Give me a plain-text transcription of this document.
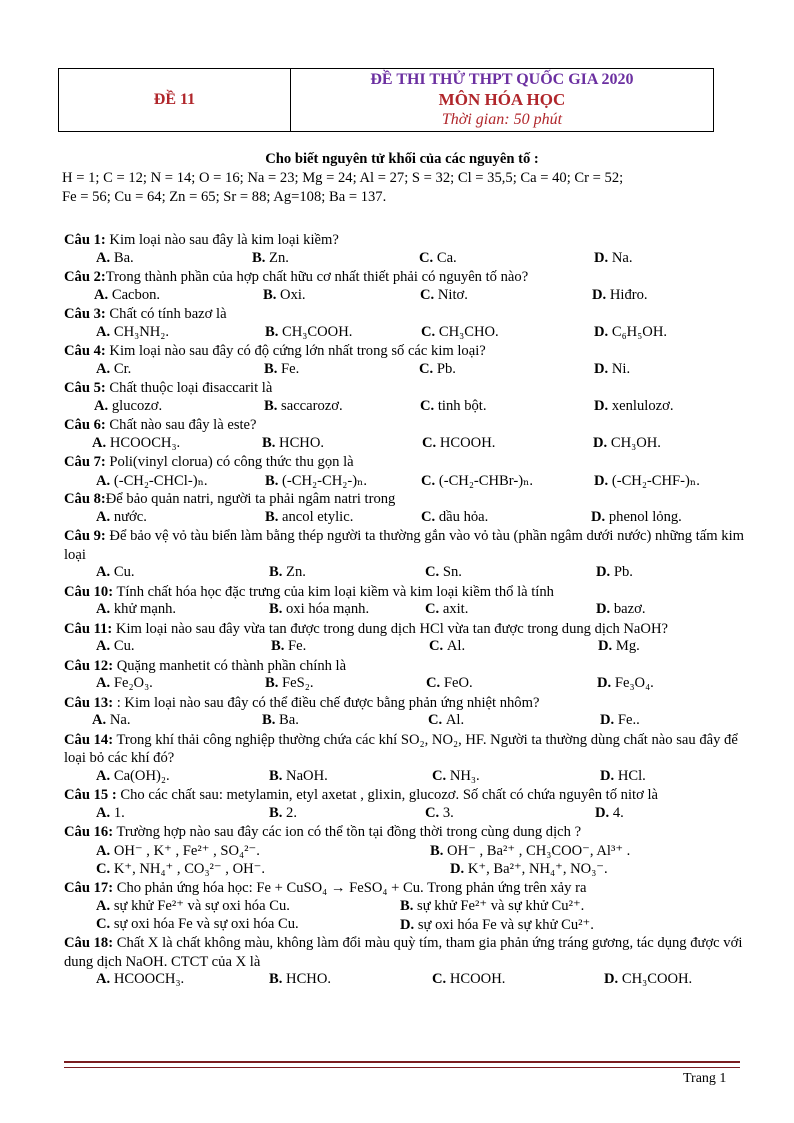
ĐỀ 11	
ĐỀ THI THỬ THPT QUỐC GIA 2020
MÔN HÓA HỌC
Thời gian: 50 phút
Cho biết nguyên tử khối của các nguyên tố :
H = 1; C = 12; N = 14; O = 16; Na = 23; Mg = 24; Al = 27; S = 32; Cl = 35,5; Ca = 40; Cr = 52;
Fe = 56; Cu = 64; Zn = 65; Sr = 88; Ag=108; Ba = 137.
Câu 1: Kim loại nào sau đây là kim loại kiềm?
A. Ba.	B. Zn.	C. Ca.	D. Na.
Câu 2:Trong thành phần của hợp chất hữu cơ nhất thiết phải có nguyên tố nào?
A. Cacbon.	B. Oxi.	C. Nitơ.	D. Hiđro.
Câu 3: Chất có tính bazơ là
A. CH₃NH₂.	B. CH₃COOH.	C. CH₃CHO.	D. C₆H₅OH.
Câu 4: Kim loại nào sau đây có độ cứng lớn nhất trong số các kim loại?
A. Cr.	B. Fe.	C. Pb.	D. Ni.
Câu 5: Chất thuộc loại đisaccarit là
A. glucozơ.	B. saccarozơ.	C. tinh bột.	D. xenlulozơ.
Câu 6: Chất nào sau đây là este?
A. HCOOCH₃.	B. HCHO.	C. HCOOH.	D. CH₃OH.
Câu 7: Poli(vinyl clorua) có công thức thu gọn là
A. (-CH₂-CHCl-)ₙ.	B. (-CH₂-CH₂-)ₙ.	C. (-CH₂-CHBr-)ₙ.	D. (-CH₂-CHF-)ₙ.
Câu 8:Để bảo quản natri, người ta phải ngâm natri trong
A. nước.	B. ancol etylic.	C. dầu hỏa.	D. phenol lỏng.
Câu 9: Để bảo vệ vỏ tàu biển làm bằng thép người ta thường gắn vào vỏ tàu (phần ngâm dưới nước) những tấm kim loại
A. Cu.	B. Zn.	C. Sn.	D. Pb.
Câu 10: Tính chất hóa học đặc trưng của kim loại kiềm và kim loại kiềm thổ là tính
A. khử mạnh.	B. oxi hóa mạnh.	C. axit.	D. bazơ.
Câu 11: Kim loại nào sau đây vừa tan được trong dung dịch HCl vừa tan được trong dung dịch NaOH?
A. Cu.	B. Fe.	C. Al.	D. Mg.
Câu 12: Quặng manhetit có thành phần chính là
A. Fe₂O₃.	B. FeS₂.	C. FeO.	D. Fe₃O₄.
Câu 13: : Kim loại nào sau đây có thể điều chế được bằng phản ứng nhiệt nhôm?
A. Na.	B. Ba.	C. Al.	D. Fe..
Câu 14: Trong khí thải công nghiệp thường chứa các khí SO₂, NO₂, HF. Người ta thường dùng chất nào sau đây để loại bỏ các khí đó?
A. Ca(OH)₂.	B. NaOH.	C. NH₃.	D. HCl.
Câu 15 : Cho các chất sau: metylamin, etyl axetat , glixin, glucozơ. Số chất có chứa nguyên tố nitơ là
A. 1.	B. 2.	C. 3.	D. 4.
Câu 16: Trường hợp nào sau đây các ion có thể tồn tại đồng thời trong cùng dung dịch ?
A. OH⁻ , K⁺ , Fe²⁺ , SO₄²⁻.	B. OH⁻ , Ba²⁺ , CH₃COO⁻, Al³⁺ .
C. K⁺, NH₄⁺ , CO₃²⁻ , OH⁻.	D. K⁺, Ba²⁺, NH₄⁺, NO₃⁻.
Câu 17: Cho phản ứng hóa học: Fe + CuSO₄ → FeSO₄ + Cu. Trong phản ứng trên xảy ra
A. sự khử Fe²⁺ và sự oxi hóa Cu.	B. sự khử Fe²⁺ và sự khử Cu²⁺.
C. sự oxi hóa Fe và sự oxi hóa Cu.	D. sự oxi hóa Fe và sự khử Cu²⁺.
Câu 18: Chất X là chất không màu, không làm đổi màu quỳ tím, tham gia phản ứng tráng gương, tác dụng được với dung dịch NaOH. CTCT của X là
A. HCOOCH₃.	B. HCHO.	C. HCOOH.	D. CH₃COOH.
Trang 1
